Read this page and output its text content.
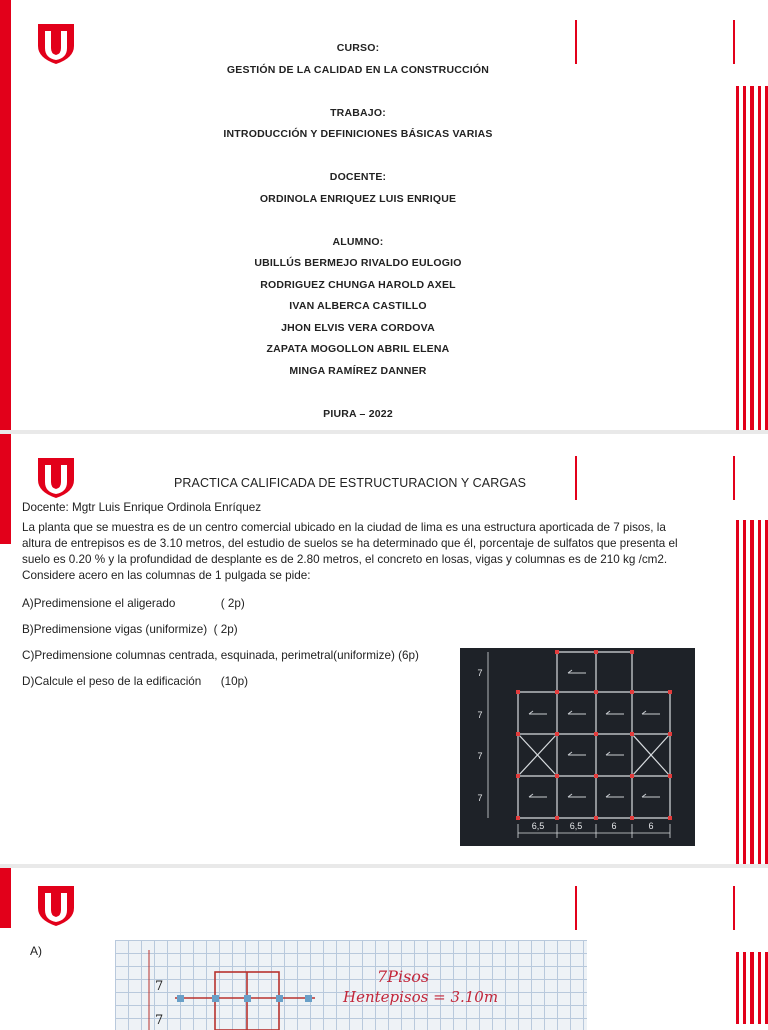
CURSO:

GESTIÓN DE LA CALIDAD EN LA CONSTRUCCIÓN

TRABAJO:

INTRODUCCIÓN Y DEFINICIONES BÁSICAS VARIAS

DOCENTE:

ORDINOLA ENRIQUEZ LUIS ENRIQUE

ALUMNO:

UBILLÚS BERMEJO RIVALDO EULOGIO

RODRIGUEZ CHUNGA HAROLD AXEL

IVAN ALBERCA CASTILLO

JHON ELVIS VERA CORDOVA

ZAPATA MOGOLLON ABRIL ELENA

MINGA RAMÍREZ DANNER

PIURA – 2022

PRACTICA CALIFICADA DE ESTRUCTURACION Y CARGAS

Docente: Mgtr Luis Enrique Ordinola Enríquez

La planta que se muestra es de un centro comercial ubicado en la ciudad de lima es una estructura aporticada de 7 pisos, la altura de entrepisos es de 3.10 metros, del estudio de suelos se ha determinado que él, porcentaje de sulfatos que presenta el suelo es 0.20 % y la profundidad de desplante es de 2.80 metros, el concreto en losas, vigas y columnas es de 210 kg /cm2. Considere acero en las columnas de 1 pulgada se pide:

A)Predimensione el aligerado              ( 2p)

B)Predimensione vigas (uniformize)  ( 2p)

C)Predimensione columnas centrada, esquinada, perimetral(uniformize) (6p)

D)Calcule el peso de la edificación      (10p)

6,5	6,5	6	6
7
7
7
7
A)
7
7
7Pisos
Hentepisos = 3.10m
